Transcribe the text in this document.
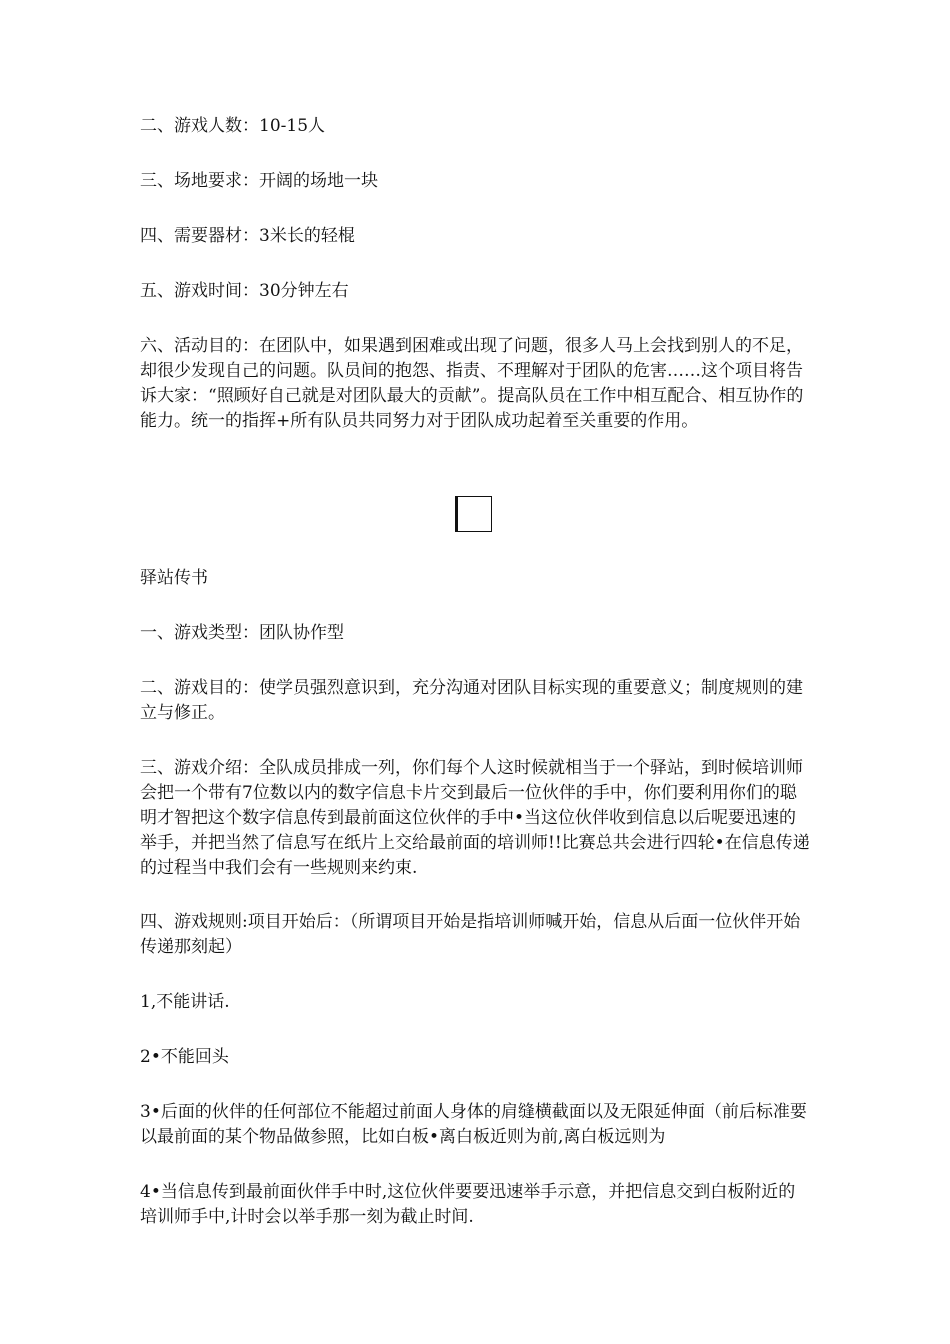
二、游戏人数：10-15人

三、场地要求：开阔的场地一块

四、需要器材：3米长的轻棍

五、游戏时间：30分钟左右

六、活动目的：在团队中，如果遇到困难或出现了问题，很多人马上会找到别人的不足，却很少发现自己的问题。队员间的抱怨、指责、不理解对于团队的危害……这个项目将告诉大家：“照顾好自己就是对团队最大的贡献”。提高队员在工作中相互配合、相互协作的能力。统一的指挥+所有队员共同努力对于团队成功起着至关重要的作用。

驿站传书

一、游戏类型：团队协作型

二、游戏目的：使学员强烈意识到，充分沟通对团队目标实现的重要意义；制度规则的建立与修正。

三、游戏介绍：全队成员排成一列，你们每个人这时候就相当于一个驿站，到时候培训师会把一个带有7位数以内的数字信息卡片交到最后一位伙伴的手中，你们要利用你们的聪明才智把这个数字信息传到最前面这位伙伴的手中•当这位伙伴收到信息以后呢要迅速的举手，并把当然了信息写在纸片上交给最前面的培训师!!比赛总共会进行四轮•在信息传递的过程当中我们会有一些规则来约束.

四、游戏规则:项目开始后：（所谓项目开始是指培训师喊开始，信息从后面一位伙伴开始传递那刻起）

1,不能讲话.

2•不能回头

3•后面的伙伴的任何部位不能超过前面人身体的肩缝横截面以及无限延伸面（前后标准要以最前面的某个物品做参照，比如白板•离白板近则为前,离白板远则为

4•当信息传到最前面伙伴手中时,这位伙伴要要迅速举手示意，并把信息交到白板附近的培训师手中,计时会以举手那一刻为截止时间.
